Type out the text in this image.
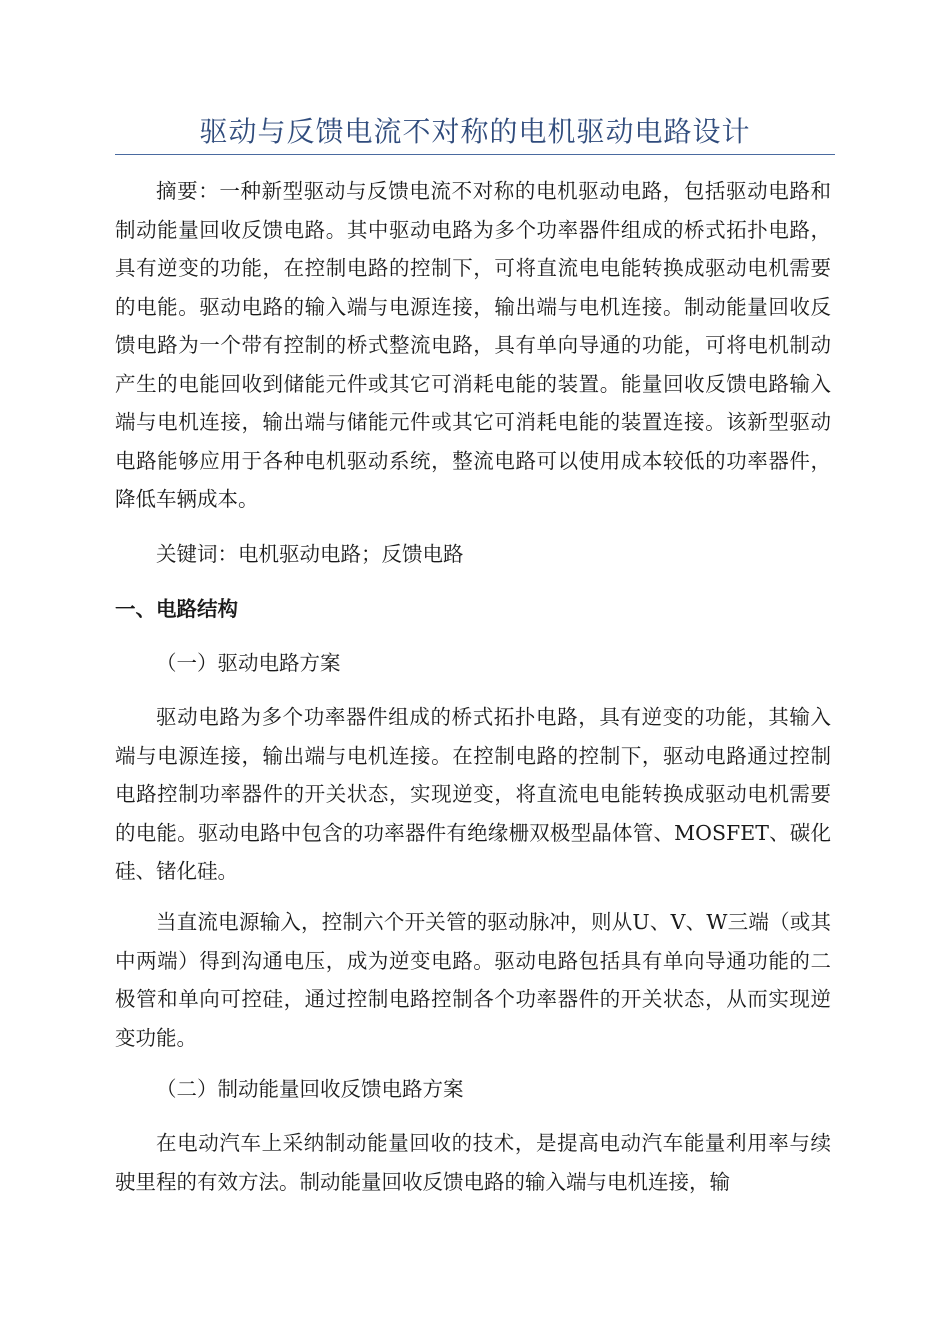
驱动与反馈电流不对称的电机驱动电路设计

摘要：一种新型驱动与反馈电流不对称的电机驱动电路，包括驱动电路和制动能量回收反馈电路。其中驱动电路为多个功率器件组成的桥式拓扑电路，具有逆变的功能，在控制电路的控制下，可将直流电电能转换成驱动电机需要的电能。驱动电路的输入端与电源连接，输出端与电机连接。制动能量回收反馈电路为一个带有控制的桥式整流电路，具有单向导通的功能，可将电机制动产生的电能回收到储能元件或其它可消耗电能的装置。能量回收反馈电路输入端与电机连接，输出端与储能元件或其它可消耗电能的装置连接。该新型驱动电路能够应用于各种电机驱动系统，整流电路可以使用成本较低的功率器件，降低车辆成本。

关键词：电机驱动电路；反馈电路

一、电路结构

（一）驱动电路方案

驱动电路为多个功率器件组成的桥式拓扑电路，具有逆变的功能，其输入端与电源连接，输出端与电机连接。在控制电路的控制下，驱动电路通过控制电路控制功率器件的开关状态，实现逆变，将直流电电能转换成驱动电机需要的电能。驱动电路中包含的功率器件有绝缘栅双极型晶体管、MOSFET、碳化硅、锗化硅。

当直流电源输入，控制六个开关管的驱动脉冲，则从U、V、W三端（或其中两端）得到沟通电压，成为逆变电路。驱动电路包括具有单向导通功能的二极管和单向可控硅，通过控制电路控制各个功率器件的开关状态，从而实现逆变功能。

（二）制动能量回收反馈电路方案

在电动汽车上采纳制动能量回收的技术，是提高电动汽车能量利用率与续驶里程的有效方法。制动能量回收反馈电路的输入端与电机连接，输
